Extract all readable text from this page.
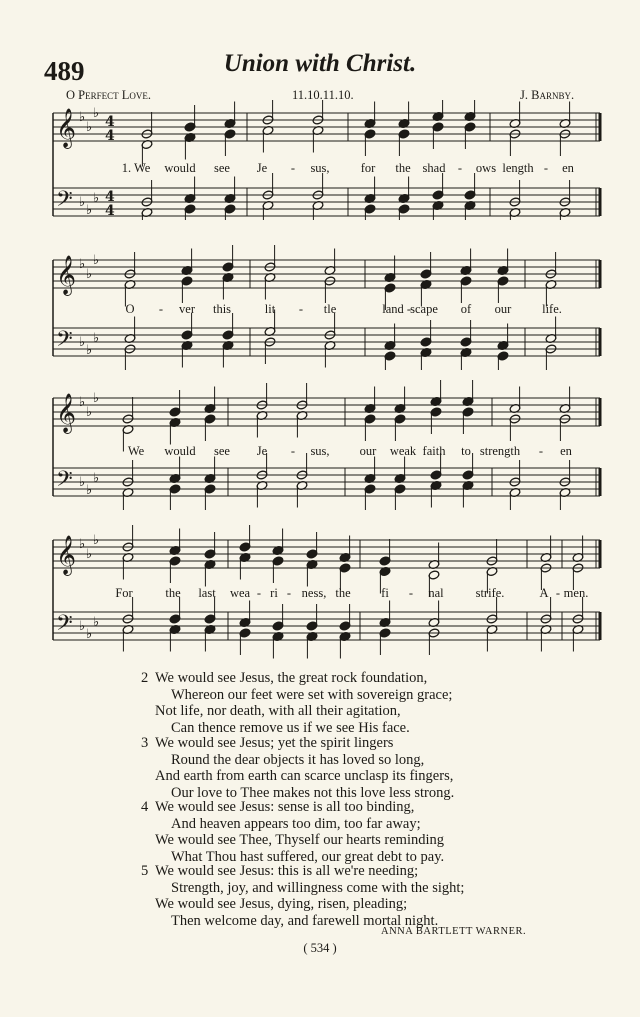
489	Union with Christ.
O Perfect Love.	11.10.11.10.	J. Barnby.
𝄞 ♭
♭
♭
4
4
𝄢 ♭
♭
♭ 4
4
𝄞 ♭
♭
♭
𝄢 ♭
♭
♭
𝄞 ♭
♭
♭
𝄢 ♭
♭
♭
𝄞 ♭
♭
♭
𝄢 ♭
♭
♭
1. We would see Je - sus, for the shad - ows length - en
O - ver this	lit - tle	land - scape of our life.
We would see Je - sus, our weak faith to strength - en
For	the last wea - ri - ness, the fi - nal	strife.	A - men.
2 We would see Jesus, the great rock foundation,
Whereon our feet were set with sovereign grace;
Not life, nor death, with all their agitation,
Can thence remove us if we see His face.
3 We would see Jesus; yet the spirit lingers
Round the dear objects it has loved so long,
And earth from earth can scarce unclasp its fingers,
Our love to Thee makes not this love less strong.
4 We would see Jesus: sense is all too binding,
And heaven appears too dim, too far away;
We would see Thee, Thyself our hearts reminding
What Thou hast suffered, our great debt to pay.
5 We would see Jesus: this is all we're needing;
Strength, joy, and willingness come with the sight;
We would see Jesus, dying, risen, pleading;
Then welcome day, and farewell mortal night.
ANNA BARTLETT WARNER.
( 534 )
